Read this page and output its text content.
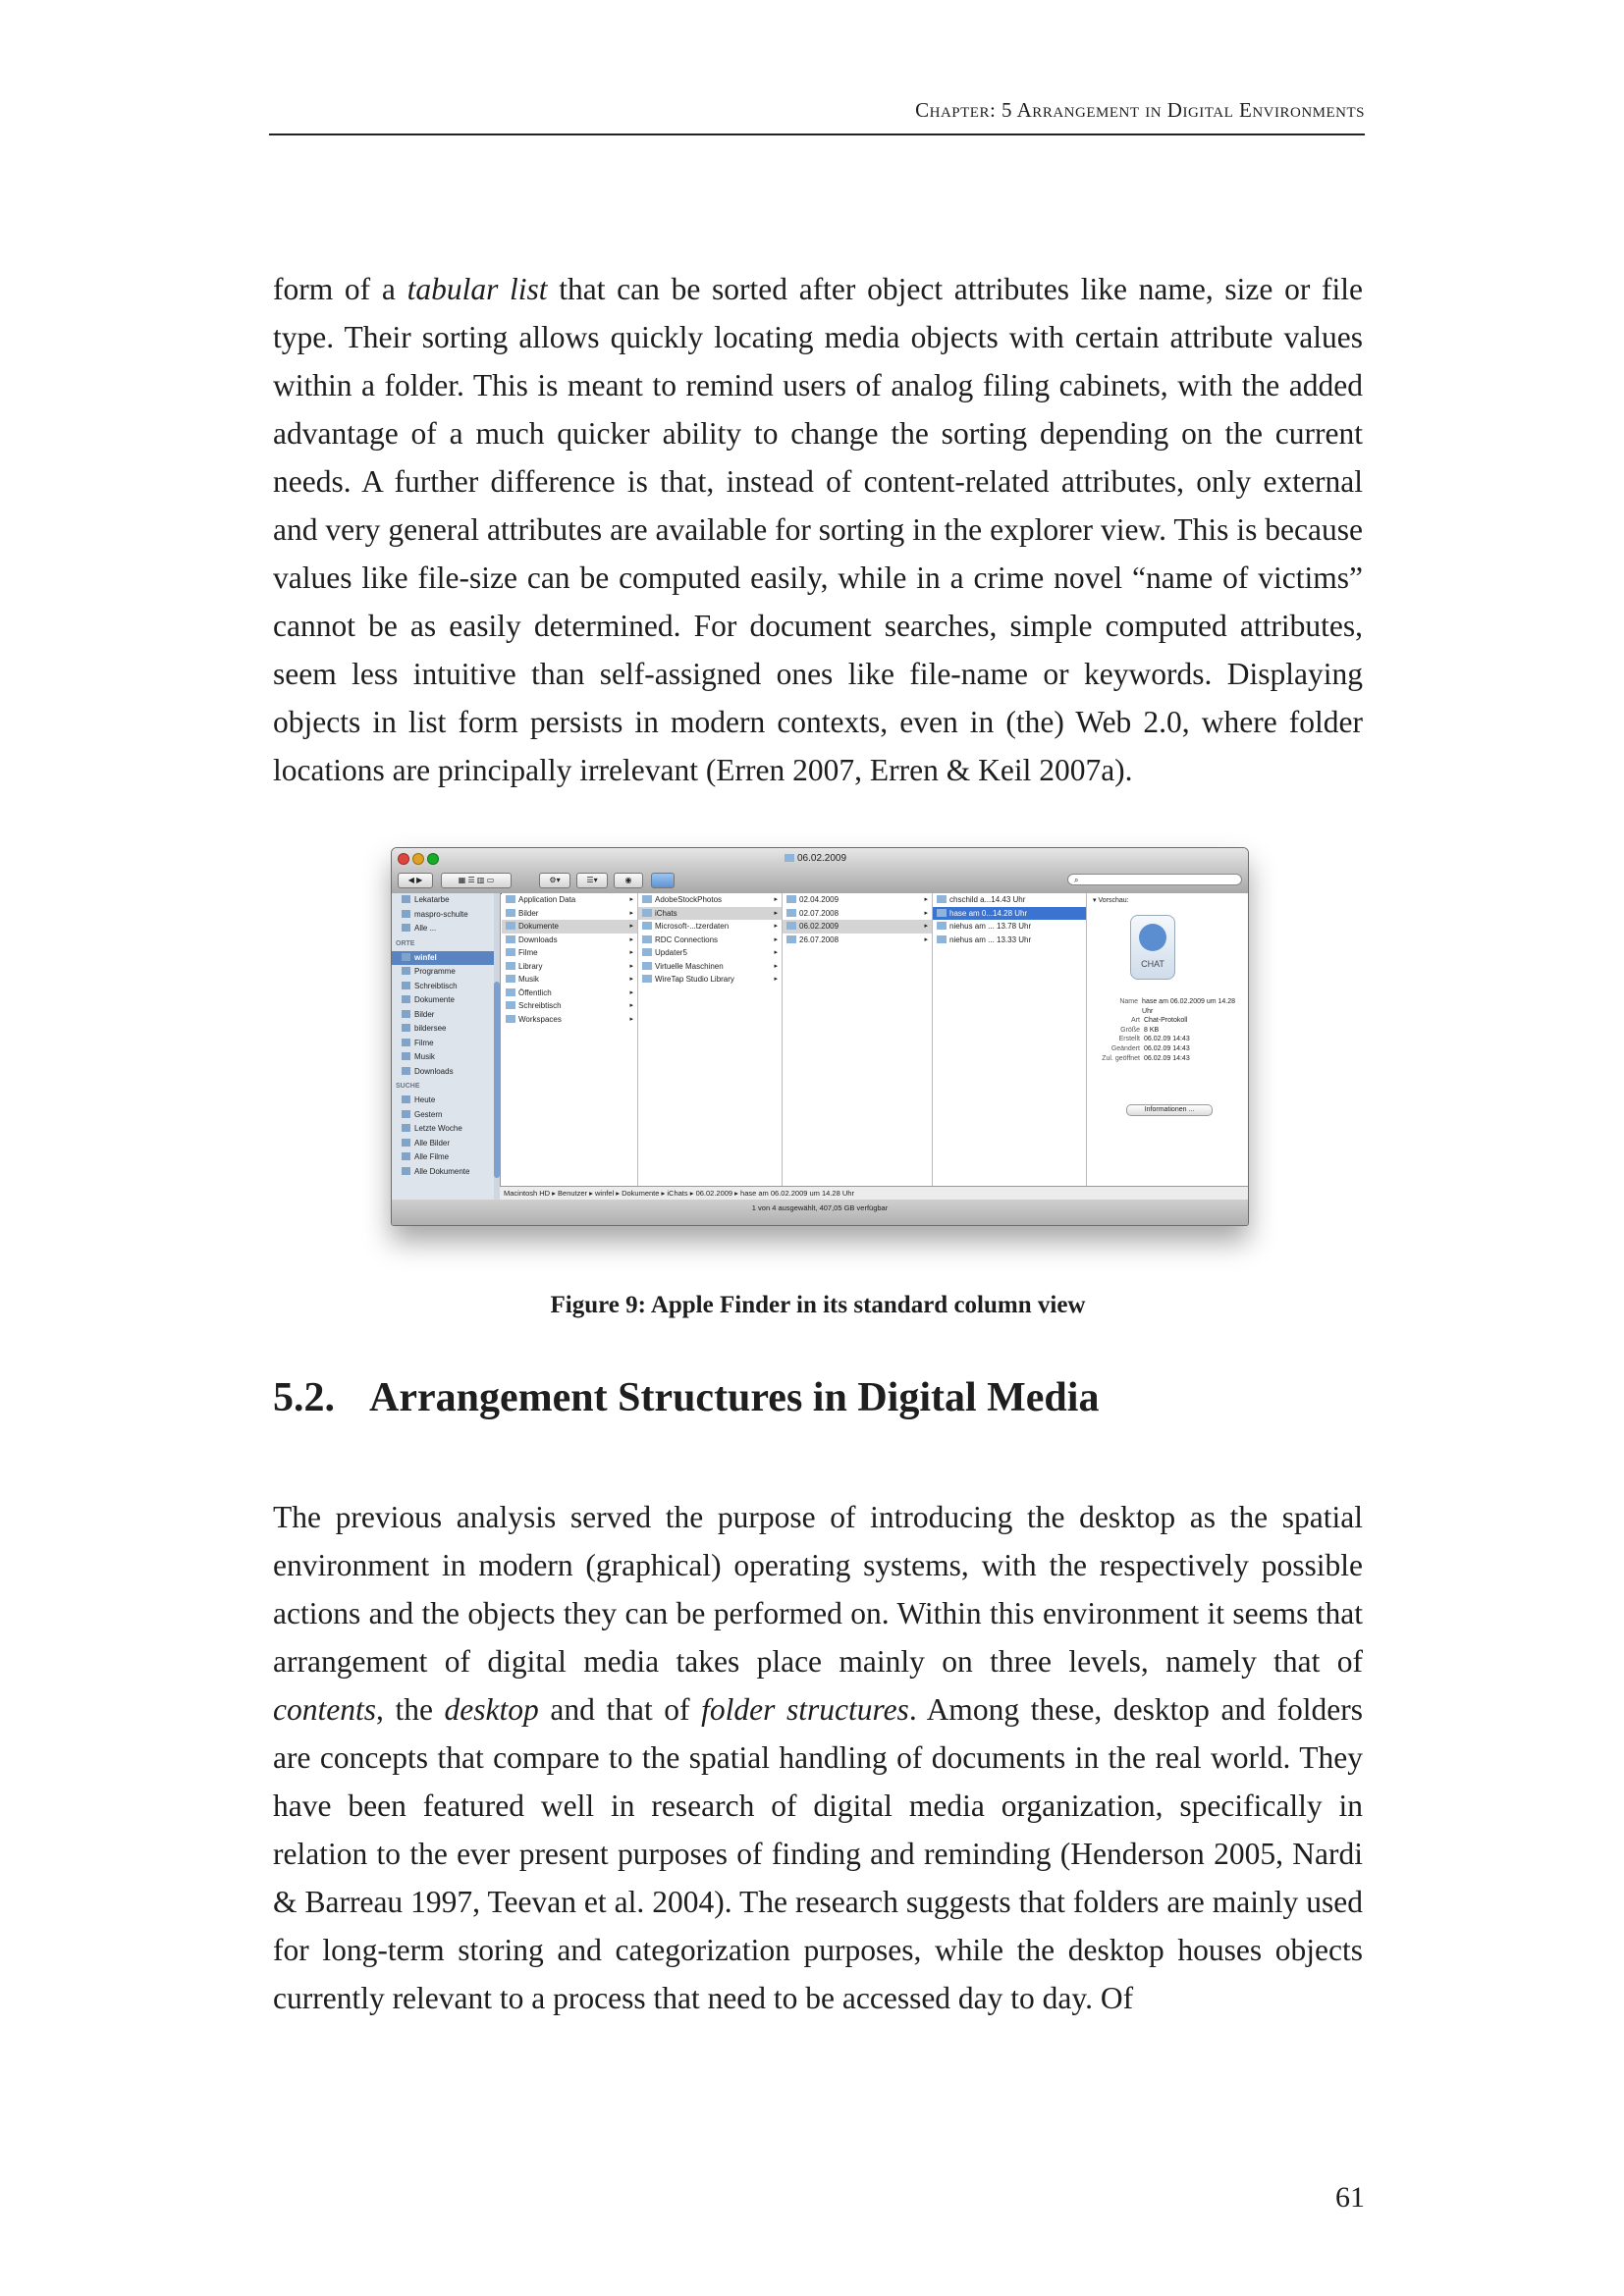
Chapter: 5 Arrangement in Digital Environments

form of a tabular list that can be sorted after object attributes like name, size or file type. Their sorting allows quickly locating media objects with certain attribute values within a folder. This is meant to remind users of analog filing cabinets, with the added advantage of a much quicker ability to change the sorting depending on the current needs. A further difference is that, instead of content-related attributes, only external and very general attributes are available for sorting in the explorer view. This is because values like file-size can be computed easily, while in a crime novel “name of victims” cannot be as easily determined. For document searches, simple computed attributes, seem less intuitive than self-assigned ones like file-name or keywords. Displaying objects in list form persists in modern contexts, even in (the) Web 2.0, where folder locations are principally irrelevant (Erren 2007, Erren & Keil 2007a).

06.02.2009
◀ ▶	▦ ☰ ▥ ▭	⚙▾	☰▾	◉	⌕
Lekatarbe
maspro-schulte
Alle ...
ORTE
winfel
Programme
Schreibtisch
Dokumente
Bilder
bildersee
Filme
Musik
Downloads
SUCHE
Heute
Gestern
Letzte Woche
Alle Bilder
Alle Filme
Alle Dokumente
Application Data	▸
Bilder	▸
Dokumente	▸
Downloads	▸
Filme	▸
Library	▸
Musik	▸
Öffentlich	▸
Schreibtisch	▸
Workspaces	▸
AdobeStockPhotos	▸
iChats	▸
Microsoft-...tzerdaten	▸
RDC Connections	▸
Updater5	▸
Virtuelle Maschinen	▸
WireTap Studio Library	▸
02.04.2009	▸
02.07.2008	▸
06.02.2009	▸
26.07.2008	▸
chschild a...14.43 Uhr
hase am 0...14.28 Uhr
niehus am ... 13.78 Uhr
niehus am ... 13.33 Uhr
▾ Vorschau:
CHAT
Name hase am 06.02.2009 um 14.28 Uhr
Art Chat-Protokoll
Größe 8 KB
Erstellt 06.02.09 14:43
Geändert 06.02.09 14:43
Zul. geöffnet 06.02.09 14:43
Informationen ...
Macintosh HD ▸ Benutzer ▸ winfel ▸ Dokumente ▸ iChats ▸ 06.02.2009 ▸ hase am 06.02.2009 um 14.28 Uhr
1 von 4 ausgewählt, 407,05 GB verfügbar
Figure 9: Apple Finder in its standard column view
5.2. Arrangement Structures in Digital Media

The previous analysis served the purpose of introducing the desktop as the spatial environment in modern (graphical) operating systems, with the respectively possible actions and the objects they can be performed on. Within this environment it seems that arrangement of digital media takes place mainly on three levels, namely that of contents, the desktop and that of folder structures. Among these, desktop and folders are concepts that compare to the spatial handling of documents in the real world. They have been featured well in research of digital media organization, specifically in relation to the ever present purposes of finding and reminding (Henderson 2005, Nardi & Barreau 1997, Teevan et al. 2004). The research suggests that folders are mainly used for long-term storing and categorization purposes, while the desktop houses objects currently relevant to a process that need to be accessed day to day. Of

61
